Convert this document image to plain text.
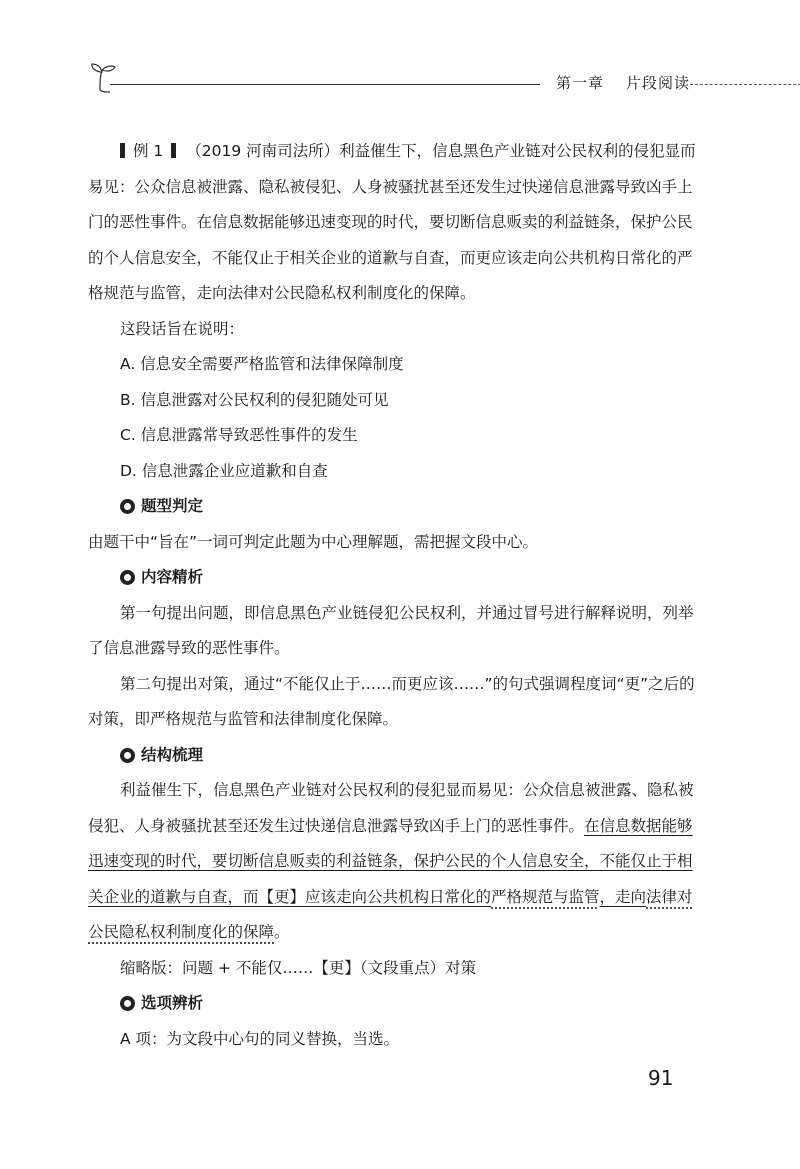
第一章 片段阅读

例 1 （2019 河南司法所）利益催生下，信息黑色产业链对公民权利的侵犯显而易见：公众信息被泄露、隐私被侵犯、人身被骚扰甚至还发生过快递信息泄露导致凶手上门的恶性事件。在信息数据能够迅速变现的时代，要切断信息贩卖的利益链条，保护公民的个人信息安全，不能仅止于相关企业的道歉与自查，而更应该走向公共机构日常化的严格规范与监管，走向法律对公民隐私权利制度化的保障。

这段话旨在说明：

A. 信息安全需要严格监管和法律保障制度

B. 信息泄露对公民权利的侵犯随处可见

C. 信息泄露常导致恶性事件的发生

D. 信息泄露企业应道歉和自查

题型判定

由题干中“旨在”一词可判定此题为中心理解题，需把握文段中心。

内容精析

第一句提出问题，即信息黑色产业链侵犯公民权利，并通过冒号进行解释说明，列举了信息泄露导致的恶性事件。

第二句提出对策，通过“不能仅止于……而更应该……”的句式强调程度词“更”之后的对策，即严格规范与监管和法律制度化保障。

结构梳理

利益催生下，信息黑色产业链对公民权利的侵犯显而易见：公众信息被泄露、隐私被侵犯、人身被骚扰甚至还发生过快递信息泄露导致凶手上门的恶性事件。在信息数据能够迅速变现的时代，要切断信息贩卖的利益链条，保护公民的个人信息安全，不能仅止于相关企业的道歉与自查，而【更】应该走向公共机构日常化的严格规范与监管，走向法律对公民隐私权利制度化的保障。

缩略版：问题 + 不能仅……【更】（文段重点）对策

选项辨析

A 项：为文段中心句的同义替换，当选。

91
